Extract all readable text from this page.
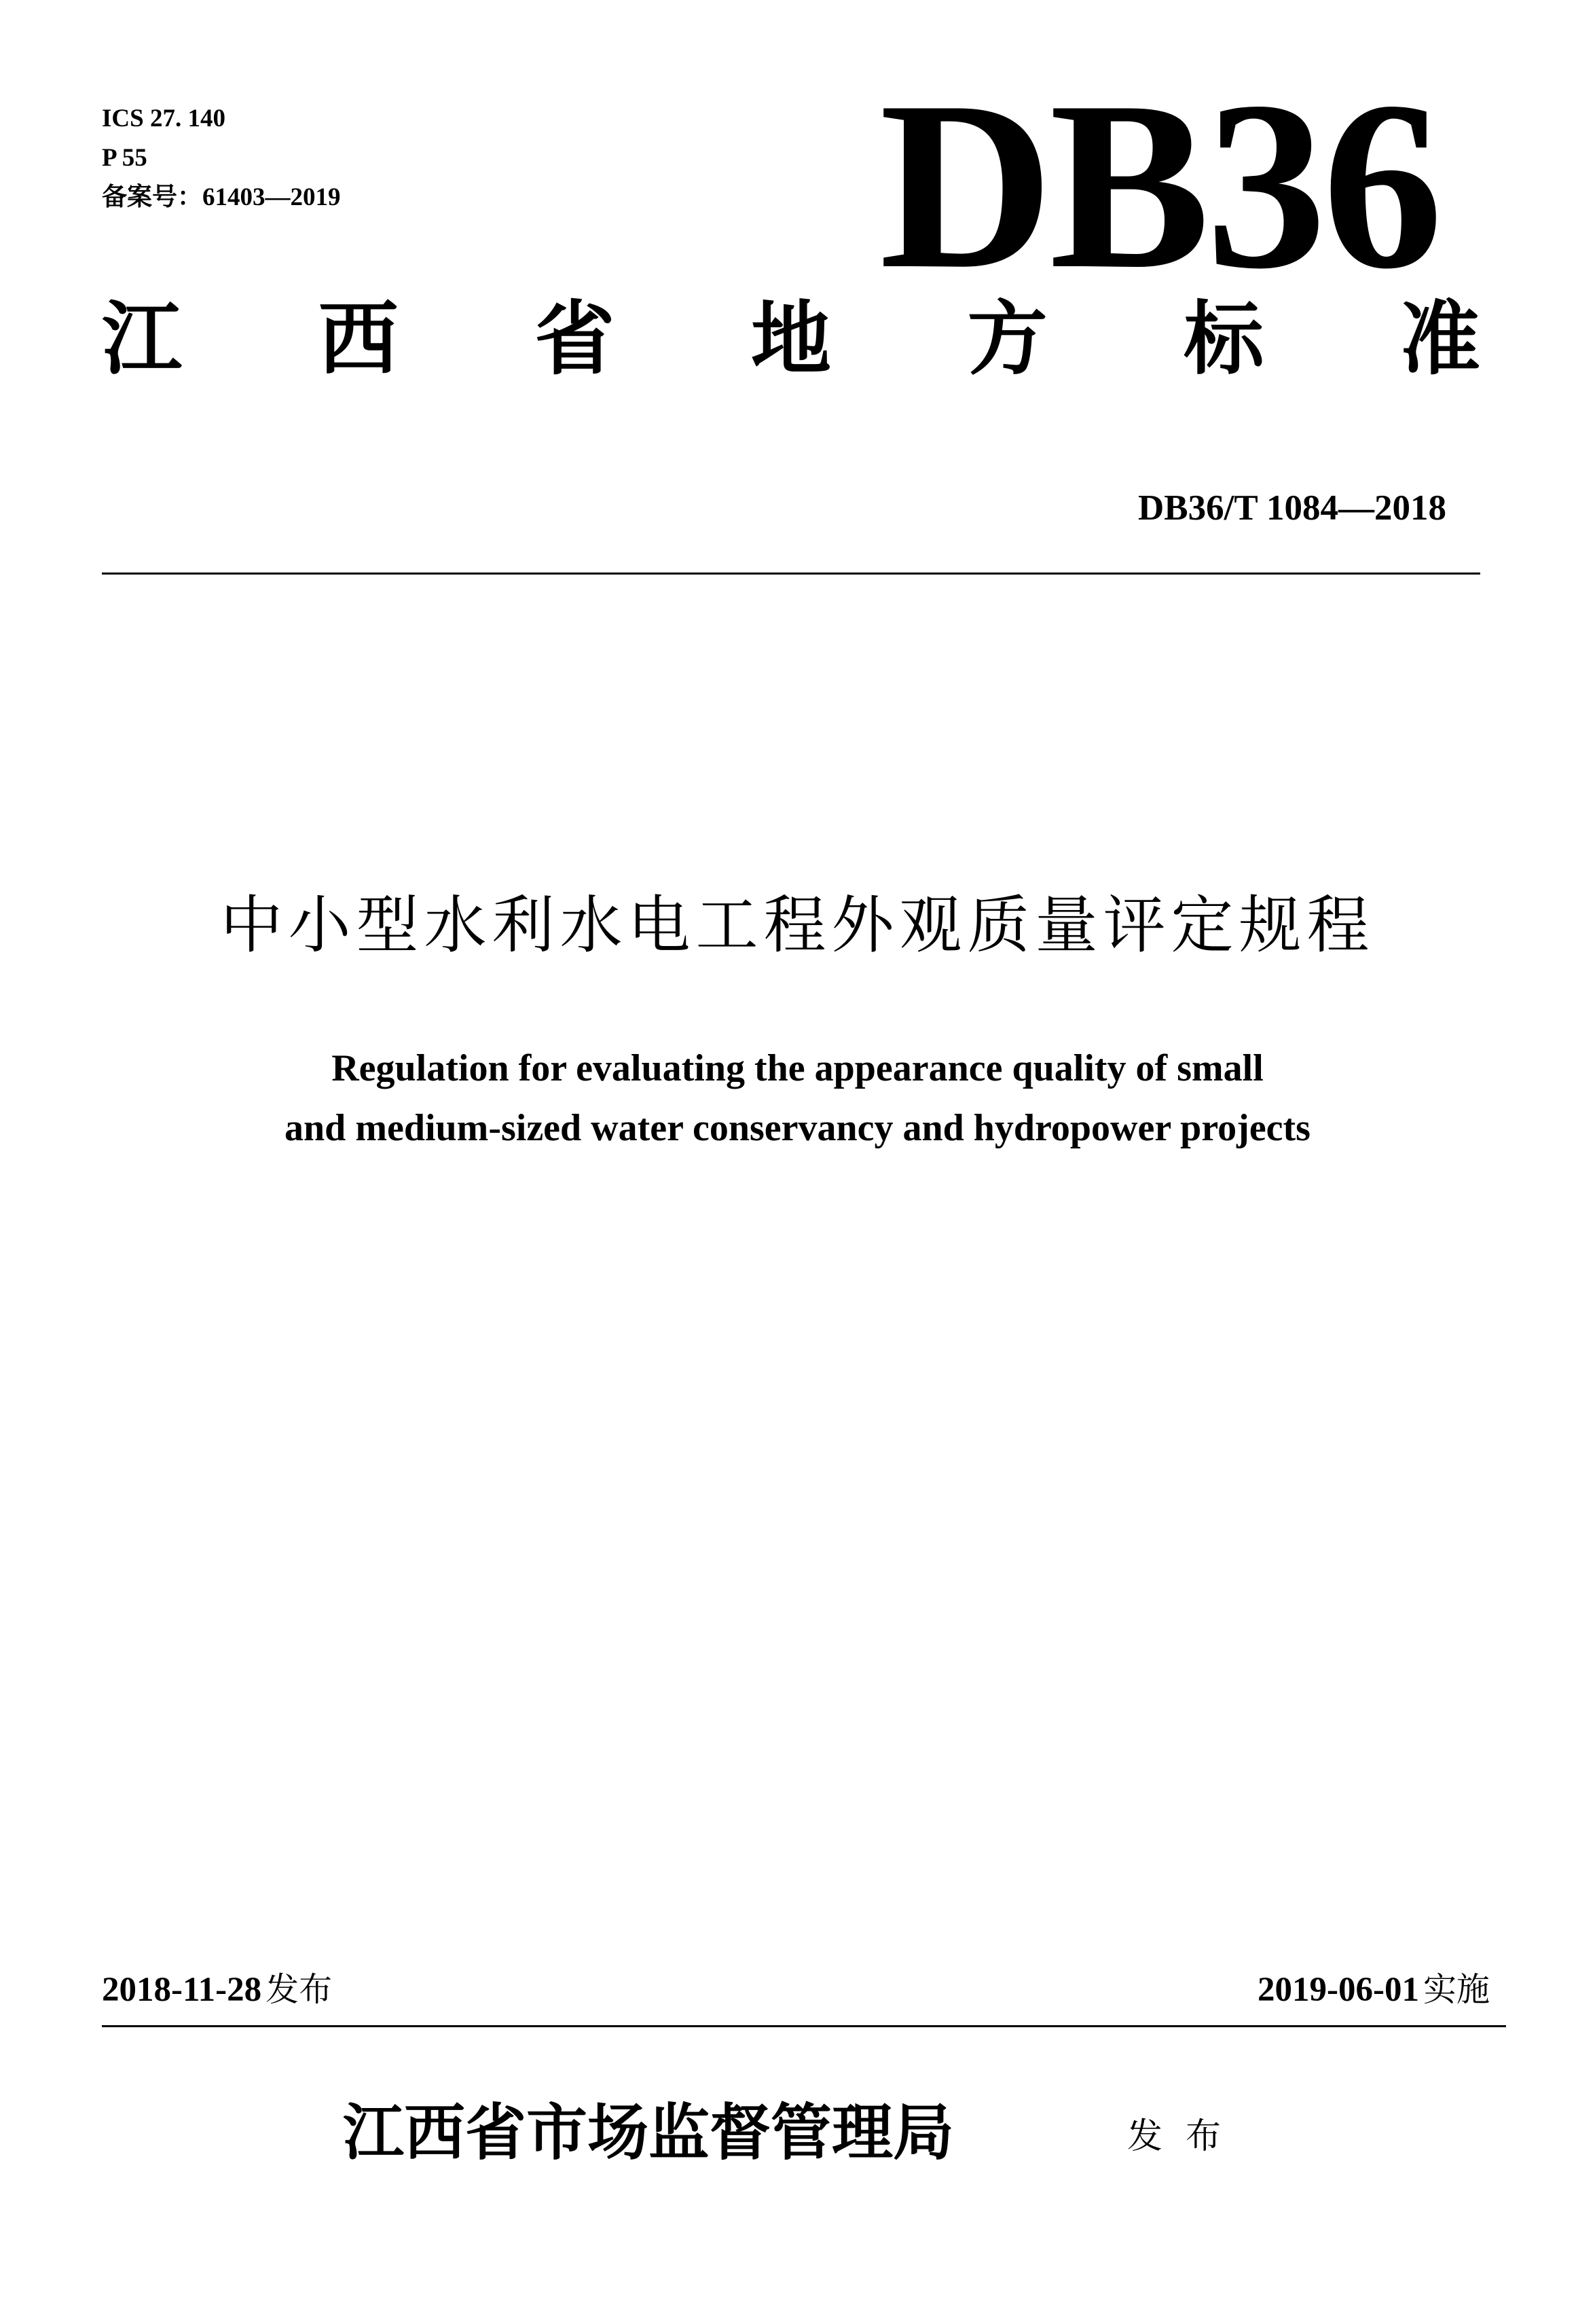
ICS 27. 140
P 55
备案号：61403—2019 DB36
江 西 省 地 方 标 准
DB36/T 1084—2018
中小型水利水电工程外观质量评定规程
Regulation for evaluating the appearance quality of small
and medium-sized water conservancy and hydropower projects
2018-11-28 发布	2019-06-01 实施
江西省市场监督管理局	发布
